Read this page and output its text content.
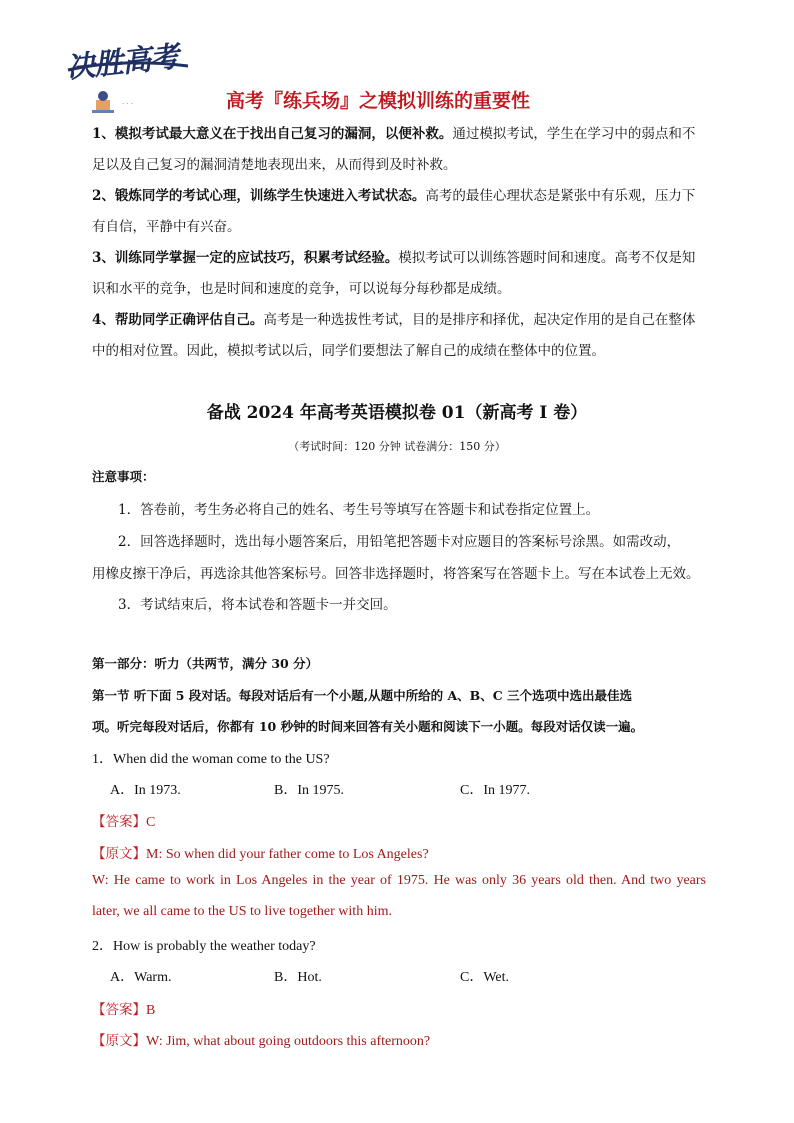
· · ·
决胜高考
高考『练兵场』之模拟训练的重要性
1、模拟考试最大意义在于找出自己复习的漏洞，以便补救。通过模拟考试，学生在学习中的弱点和不足以及自己复习的漏洞清楚地表现出来，从而得到及时补救。
2、锻炼同学的考试心理，训练学生快速进入考试状态。高考的最佳心理状态是紧张中有乐观，压力下有自信，平静中有兴奋。
3、训练同学掌握一定的应试技巧，积累考试经验。模拟考试可以训练答题时间和速度。高考不仅是知识和水平的竞争，也是时间和速度的竞争，可以说每分每秒都是成绩。
4、帮助同学正确评估自己。高考是一种选拔性考试，目的是排序和择优，起决定作用的是自己在整体中的相对位置。因此，模拟考试以后，同学们要想法了解自己的成绩在整体中的位置。
备战 2024 年高考英语模拟卷 01（新高考 I 卷）
（考试时间：120 分钟 试卷满分：150 分）
注意事项：
1．答卷前，考生务必将自己的姓名、考生号等填写在答题卡和试卷指定位置上。
2．回答选择题时，选出每小题答案后，用铅笔把答题卡对应题目的答案标号涂黑。如需改动，
用橡皮擦干净后，再选涂其他答案标号。回答非选择题时，将答案写在答题卡上。写在本试卷上无效。
3．考试结束后，将本试卷和答题卡一并交回。
第一部分：听力（共两节，满分 30 分）
第一节 听下面 5 段对话。每段对话后有一个小题,从题中所给的 A、B、C 三个选项中选出最佳选
项。听完每段对话后，你都有 10 秒钟的时间来回答有关小题和阅读下一小题。每段对话仅读一遍。
1．When did the woman come to the US?
A．In 1973.	B．In 1975.	C．In 1977.
【答案】C
【原文】M: So when did your father come to Los Angeles?
W: He came to work in Los Angeles in the year of 1975. He was only 36 years old then. And two years
later, we all came to the US to live together with him.
2．How is probably the weather today?
A．Warm.	B．Hot.	C．Wet.
【答案】B
【原文】W: Jim, what about going outdoors this afternoon?
